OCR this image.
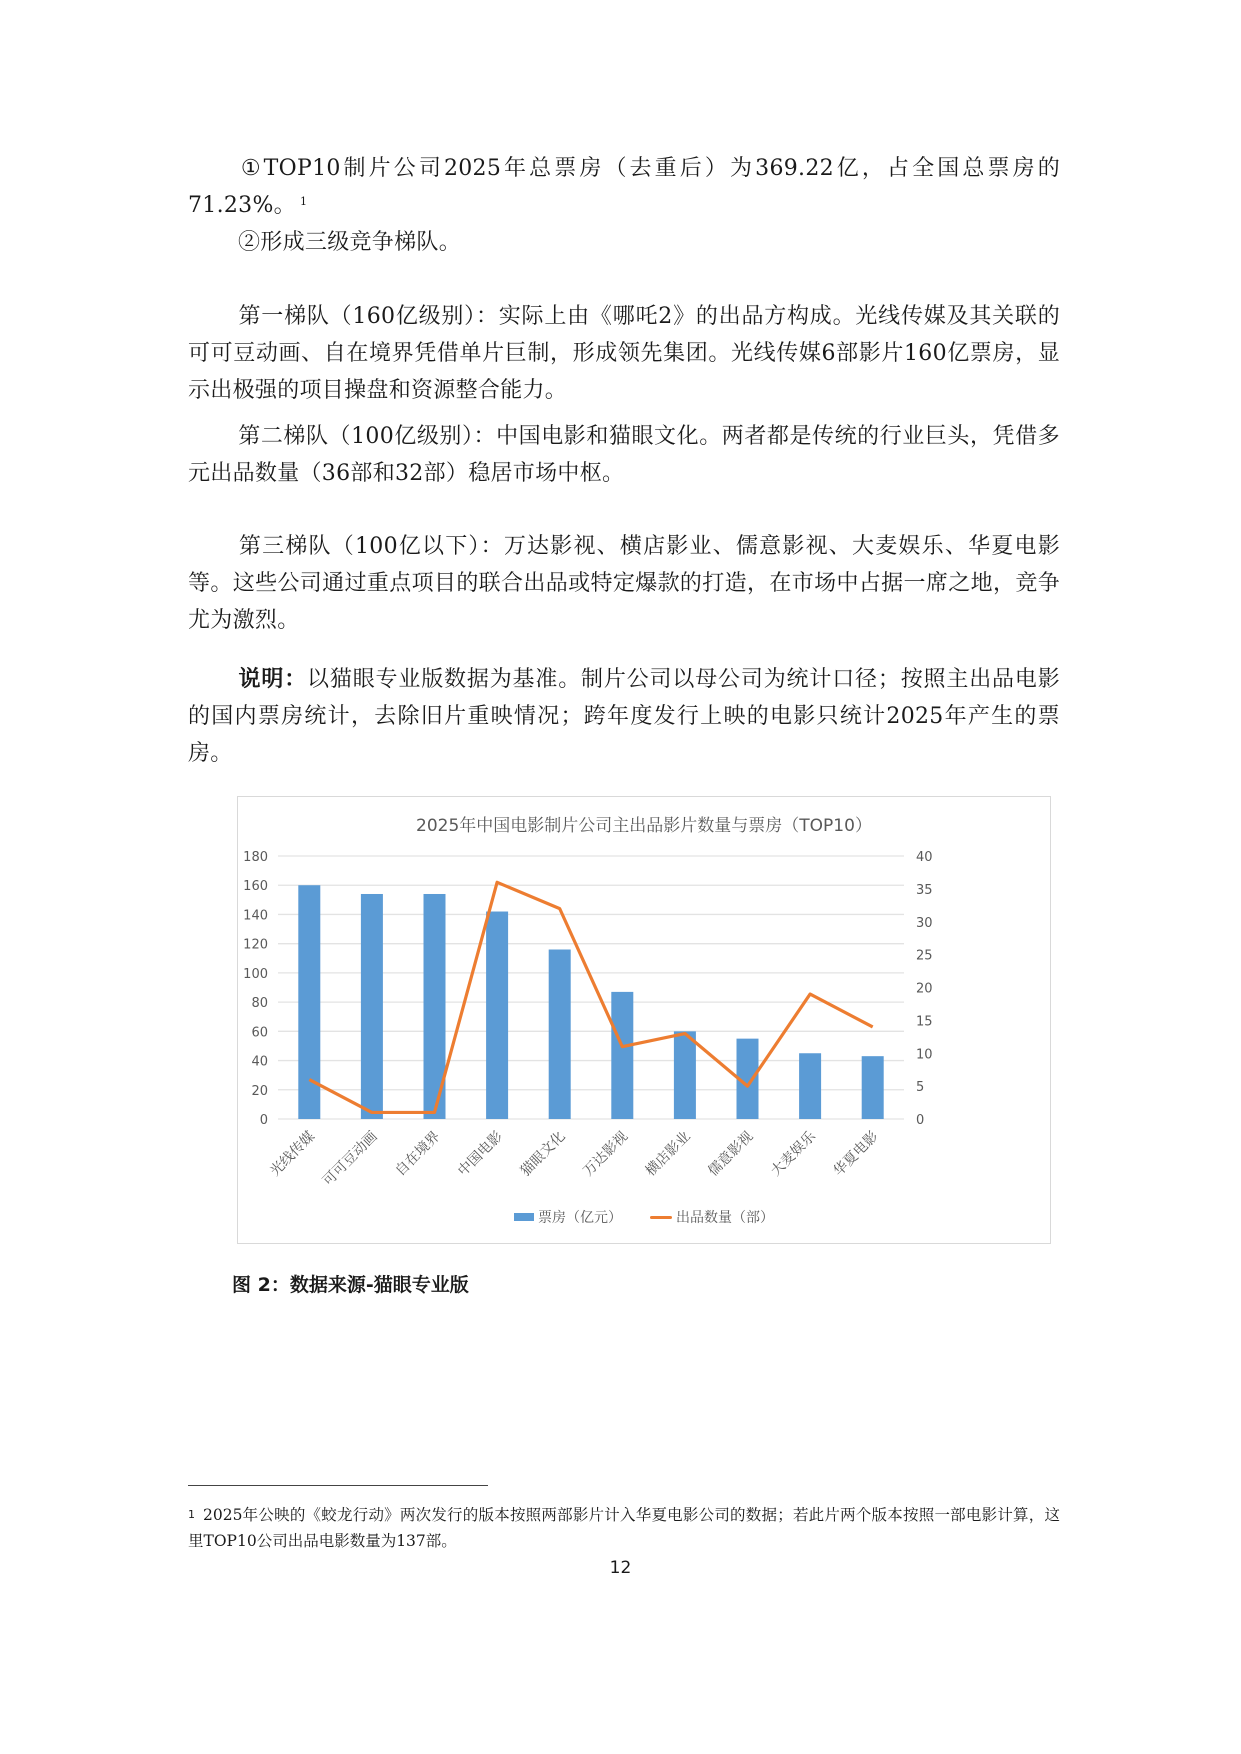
①TOP10制片公司2025年总票房（去重后）为369.22亿，占全国总票房的71.23%。 $^1$

②形成三级竞争梯队。

第一梯队（160亿级别）：实际上由《哪吒2》的出品方构成。光线传媒及其关联的可可豆动画、自在境界凭借单片巨制，形成领先集团。光线传媒6部影片160亿票房，显示出极强的项目操盘和资源整合能力。

第二梯队（100亿级别）：中国电影和猫眼文化。两者都是传统的行业巨头，凭借多元出品数量（36部和32部）稳居市场中枢。

第三梯队（100亿以下）：万达影视、横店影业、儒意影视、大麦娱乐、华夏电影等。这些公司通过重点项目的联合出品或特定爆款的打造，在市场中占据一席之地，竞争尤为激烈。

说明：以猫眼专业版数据为基准。制片公司以母公司为统计口径；按照主出品电影的国内票房统计，去除旧片重映情况；跨年度发行上映的电影只统计2025年产生的票房。

2025年中国电影制片公司主出品影片数量与票房（TOP10）
0
20
40
60
80
100
120
140
160
180
0
5
10
15
20
25
30
35
40
光线传媒 可可豆动画 自在境界 中国电影 猫眼文化 万达影视 横店影业 儒意影视 大麦娱乐 华夏电影
票房（亿元）	出品数量（部）
图 2：数据来源-猫眼专业版

$^1$ 2025年公映的《蛟龙行动》两次发行的版本按照两部影片计入华夏电影公司的数据；若此片两个版本按照一部电影计算，这里TOP10公司出品电影数量为137部。

12
